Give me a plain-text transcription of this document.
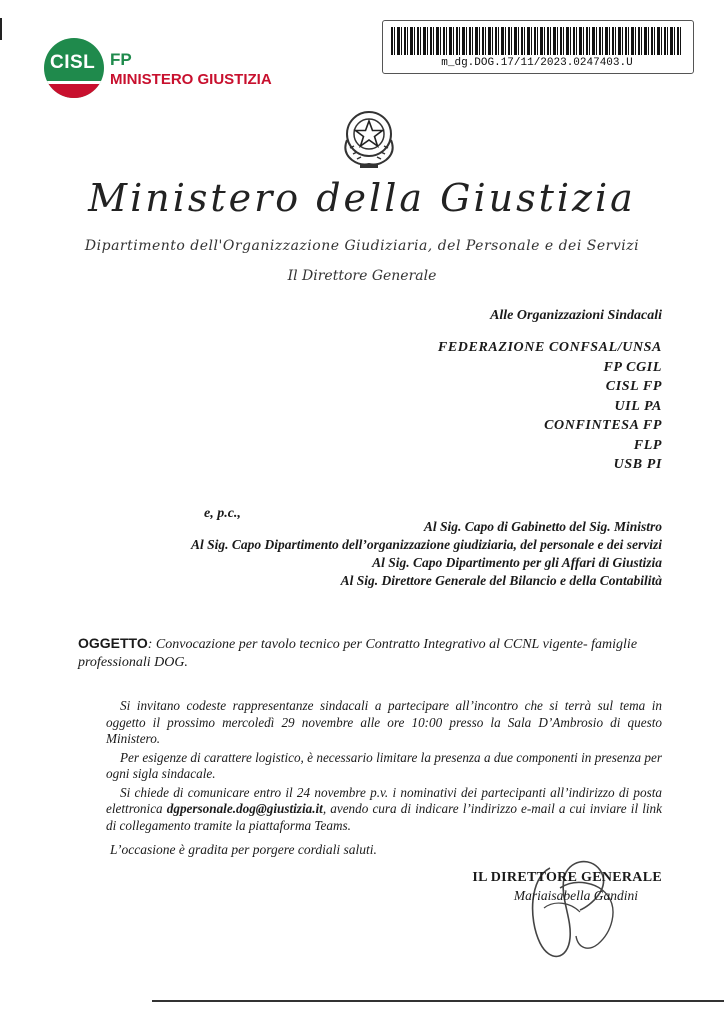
CISL FP
MINISTERO GIUSTIZIA
m_dg.DOG.17/11/2023.0247403.U
Ministero della Giustizia
Dipartimento dell'Organizzazione Giudiziaria, del Personale e dei Servizi
Il Direttore Generale
Alle Organizzazioni Sindacali
FEDERAZIONE CONFSAL/UNSA
FP CGIL
CISL FP
UIL PA
CONFINTESA FP
FLP
USB PI
e, p.c.,
Al Sig. Capo di Gabinetto del Sig. Ministro
Al Sig. Capo Dipartimento dell’organizzazione giudiziaria, del personale e dei servizi
Al Sig. Capo Dipartimento per gli Affari di Giustizia
Al Sig. Direttore Generale del Bilancio e della Contabilità
OGGETTO: Convocazione per tavolo tecnico per Contratto Integrativo al CCNL vigente- famiglie professionali DOG.

Si invitano codeste rappresentanze sindacali a partecipare all’incontro che si terrà sul tema in oggetto il prossimo mercoledì 29 novembre alle ore 10:00 presso la Sala D’Ambrosio di questo Ministero.

Per esigenze di carattere logistico, è necessario limitare la presenza a due componenti in presenza per ogni sigla sindacale.

Si chiede di comunicare entro il 24 novembre p.v. i nominativi dei partecipanti all’indirizzo di posta elettronica dgpersonale.dog@giustizia.it, avendo cura di indicare l’indirizzo e-mail a cui inviare il link di collegamento tramite la piattaforma Teams.

L’occasione è gradita per porgere cordiali saluti.
IL DIRETTORE GENERALE
Mariaisabella Gandini
